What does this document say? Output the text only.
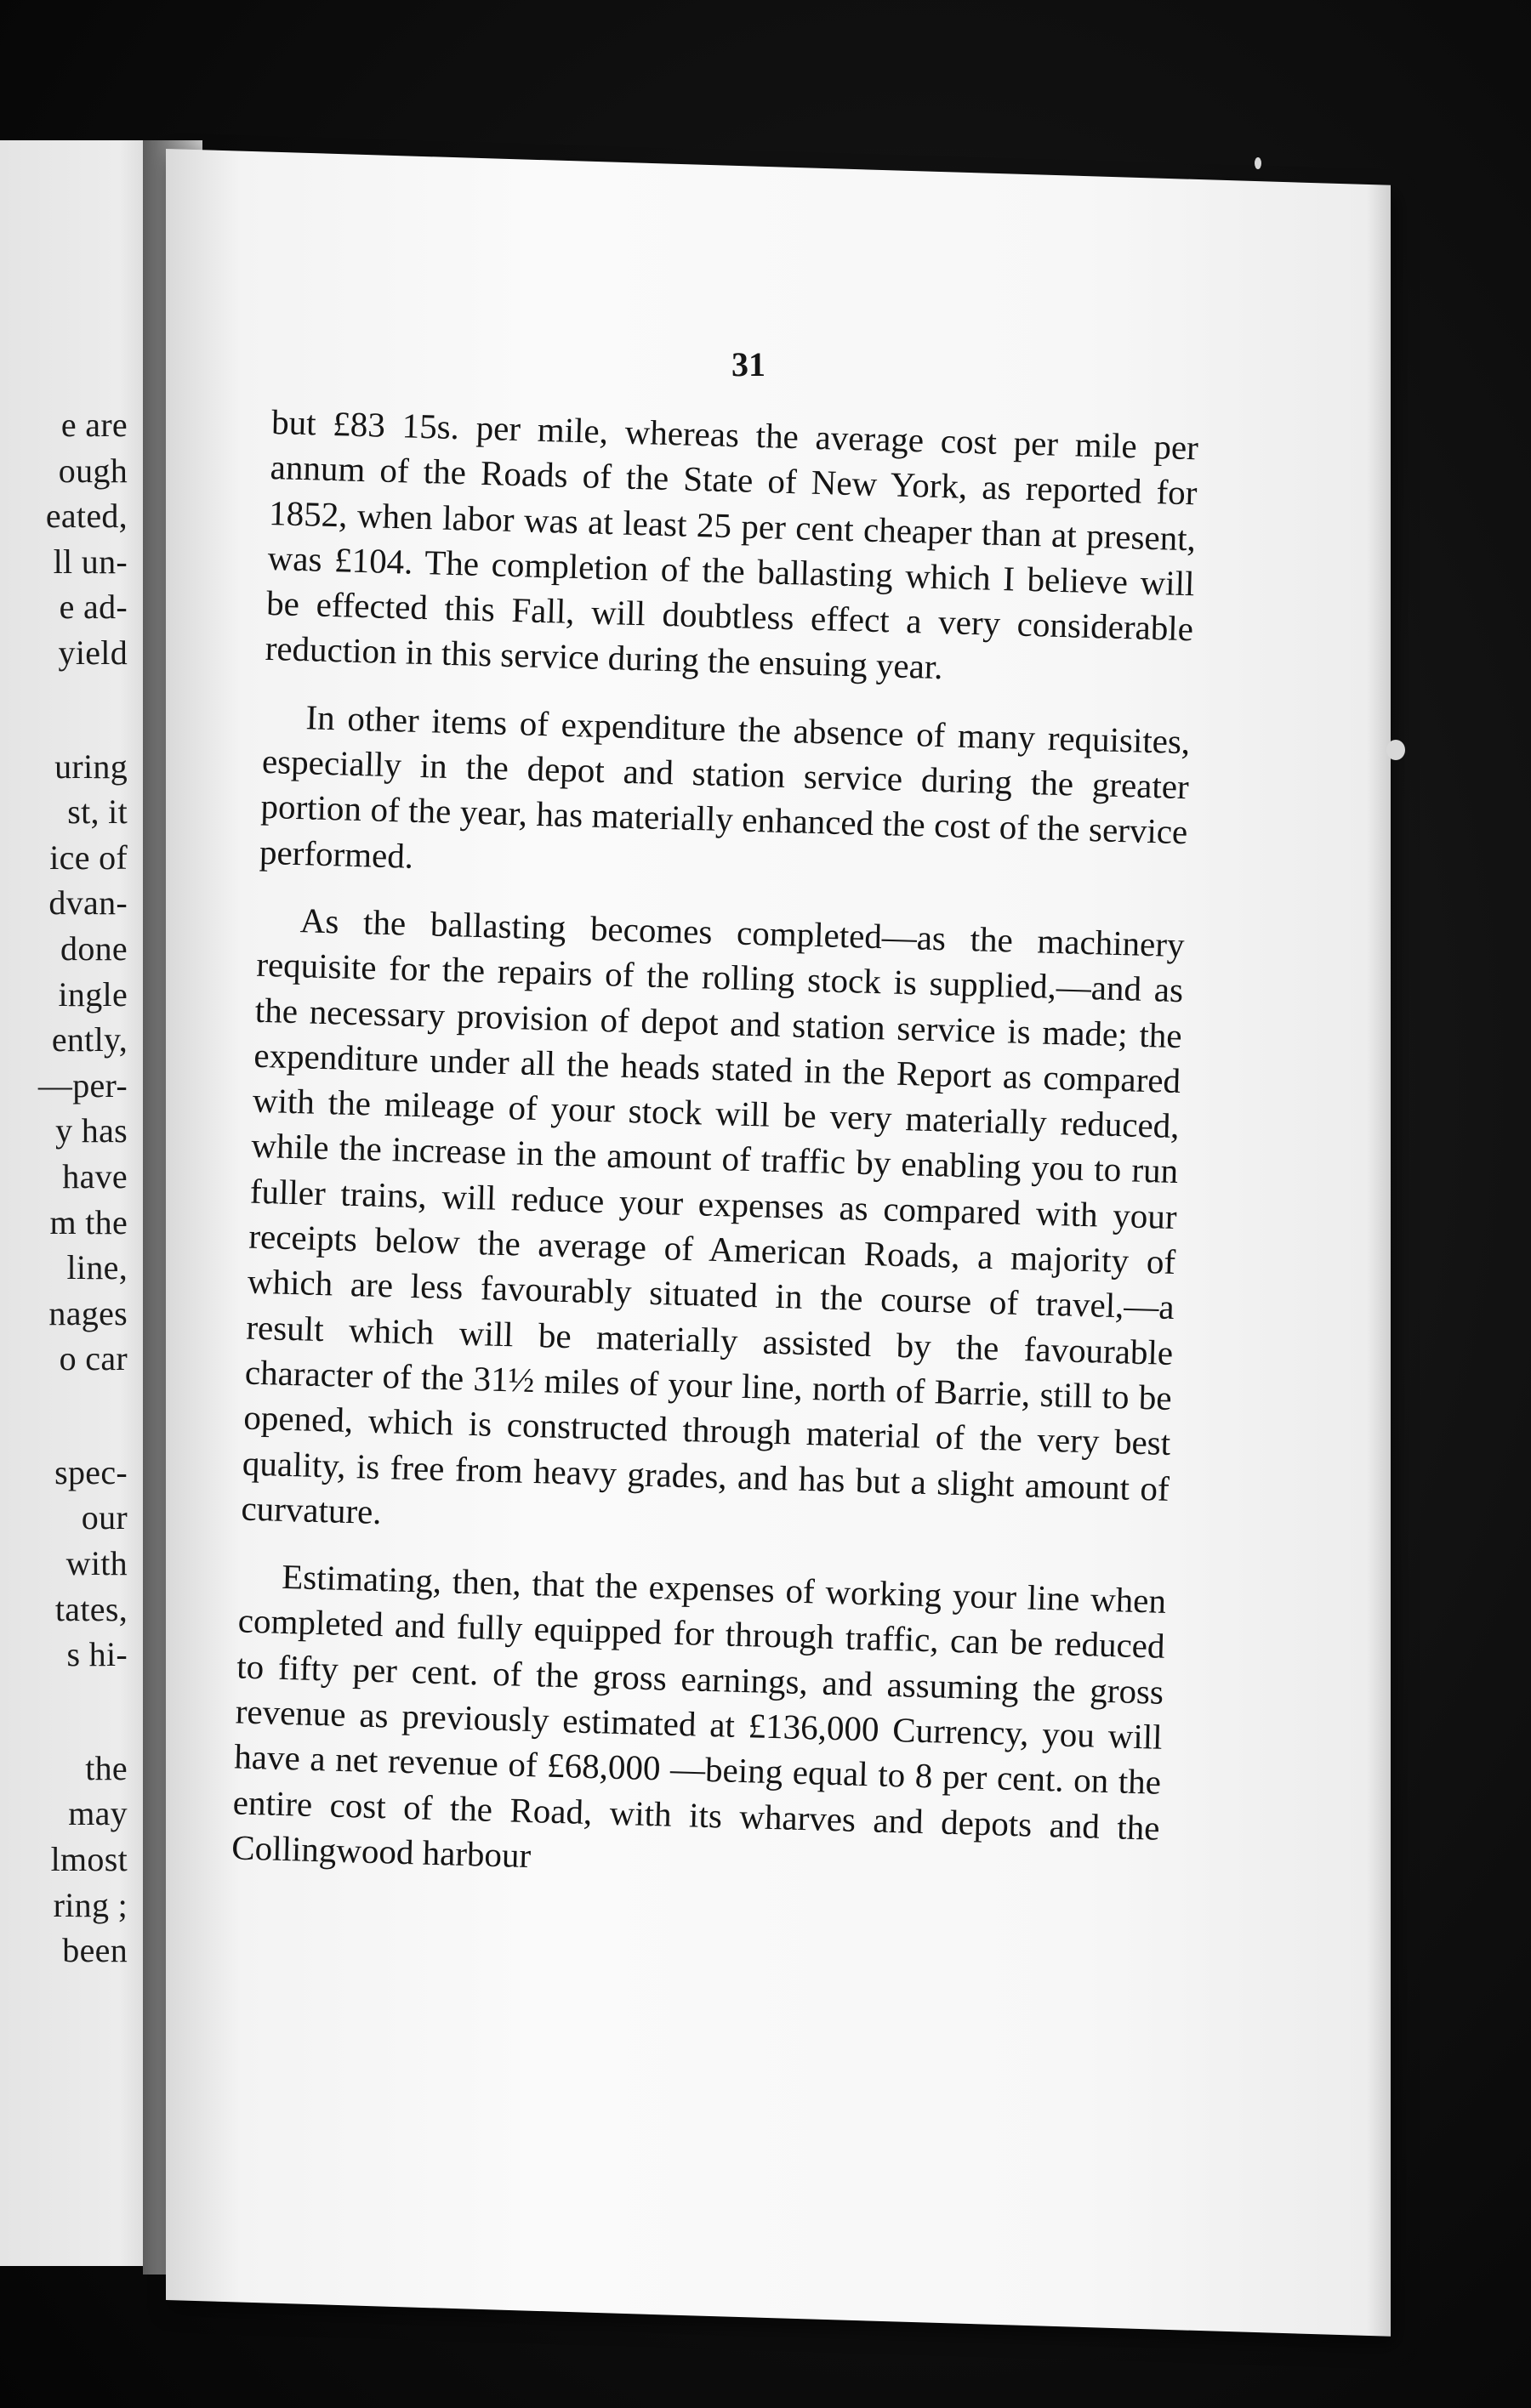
e are
ough
eated,
ll un-
e ad-
yield
uring
st, it
ice of
dvan-
done
ingle
ently,
—per-
y has
have
m the
line,
nages
o car
spec-
our
with
tates,
s hi-
the
may
lmost
ring ;
been
31

but £83 15s. per mile, whereas the average cost per mile per annum of the Roads of the State of New York, as reported for 1852, when labor was at least 25 per cent cheaper than at present, was £104. The completion of the ballasting which I believe will be effected this Fall, will doubtless effect a very considerable reduction in this service during the ensuing year.

In other items of expenditure the absence of many requisites, especially in the depot and station service during the greater portion of the year, has materially enhanced the cost of the service performed.

As the ballasting becomes completed—as the machinery requisite for the repairs of the rolling stock is supplied,—and as the necessary provision of depot and station service is made; the expenditure under all the heads stated in the Report as compared with the mileage of your stock will be very materially reduced, while the increase in the amount of traffic by enabling you to run fuller trains, will reduce your expenses as compared with your receipts below the average of American Roads, a majority of which are less favourably situated in the course of travel,—a result which will be materially assisted by the favourable character of the 31½ miles of your line, north of Barrie, still to be opened, which is constructed through material of the very best quality, is free from heavy grades, and has but a slight amount of curvature.

Estimating, then, that the expenses of working your line when completed and fully equipped for through traffic, can be reduced to fifty per cent. of the gross earnings, and assuming the gross revenue as previously estimated at £136,000 Currency, you will have a net revenue of £68,000 —being equal to 8 per cent. on the entire cost of the Road, with its wharves and depots and the Collingwood harbour
